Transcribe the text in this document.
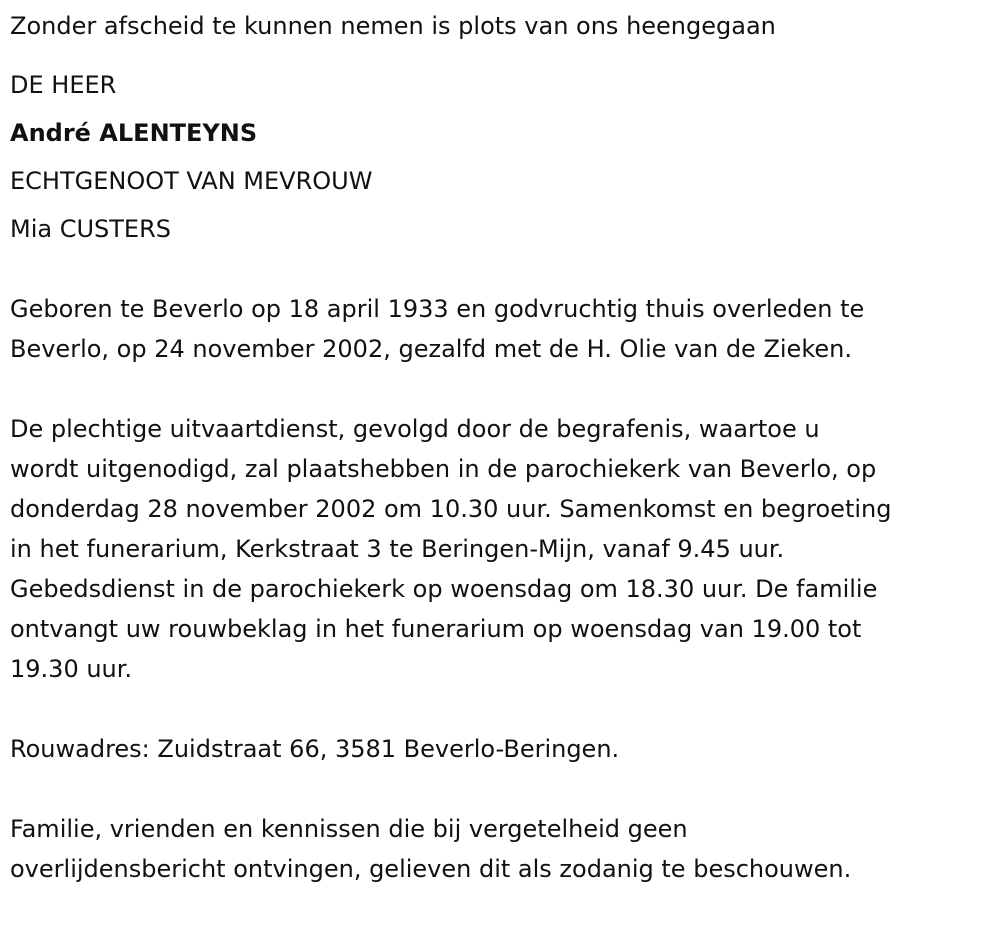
Zonder afscheid te kunnen nemen is plots van ons heengegaan

DE HEER

André ALENTEYNS

ECHTGENOOT VAN MEVROUW

Mia CUSTERS

Geboren te Beverlo op 18 april 1933 en godvruchtig thuis overleden te

Beverlo, op 24 november 2002, gezalfd met de H. Olie van de Zieken.

De plechtige uitvaartdienst, gevolgd door de begrafenis, waartoe u

wordt uitgenodigd, zal plaatshebben in de parochiekerk van Beverlo, op

donderdag 28 november 2002 om 10.30 uur. Samenkomst en begroeting

in het funerarium, Kerkstraat 3 te Beringen-Mijn, vanaf 9.45 uur.

Gebedsdienst in de parochiekerk op woensdag om 18.30 uur. De familie

ontvangt uw rouwbeklag in het funerarium op woensdag van 19.00 tot

19.30 uur.

Rouwadres: Zuidstraat 66, 3581 Beverlo-Beringen.

Familie, vrienden en kennissen die bij vergetelheid geen

overlijdensbericht ontvingen, gelieven dit als zodanig te beschouwen.
